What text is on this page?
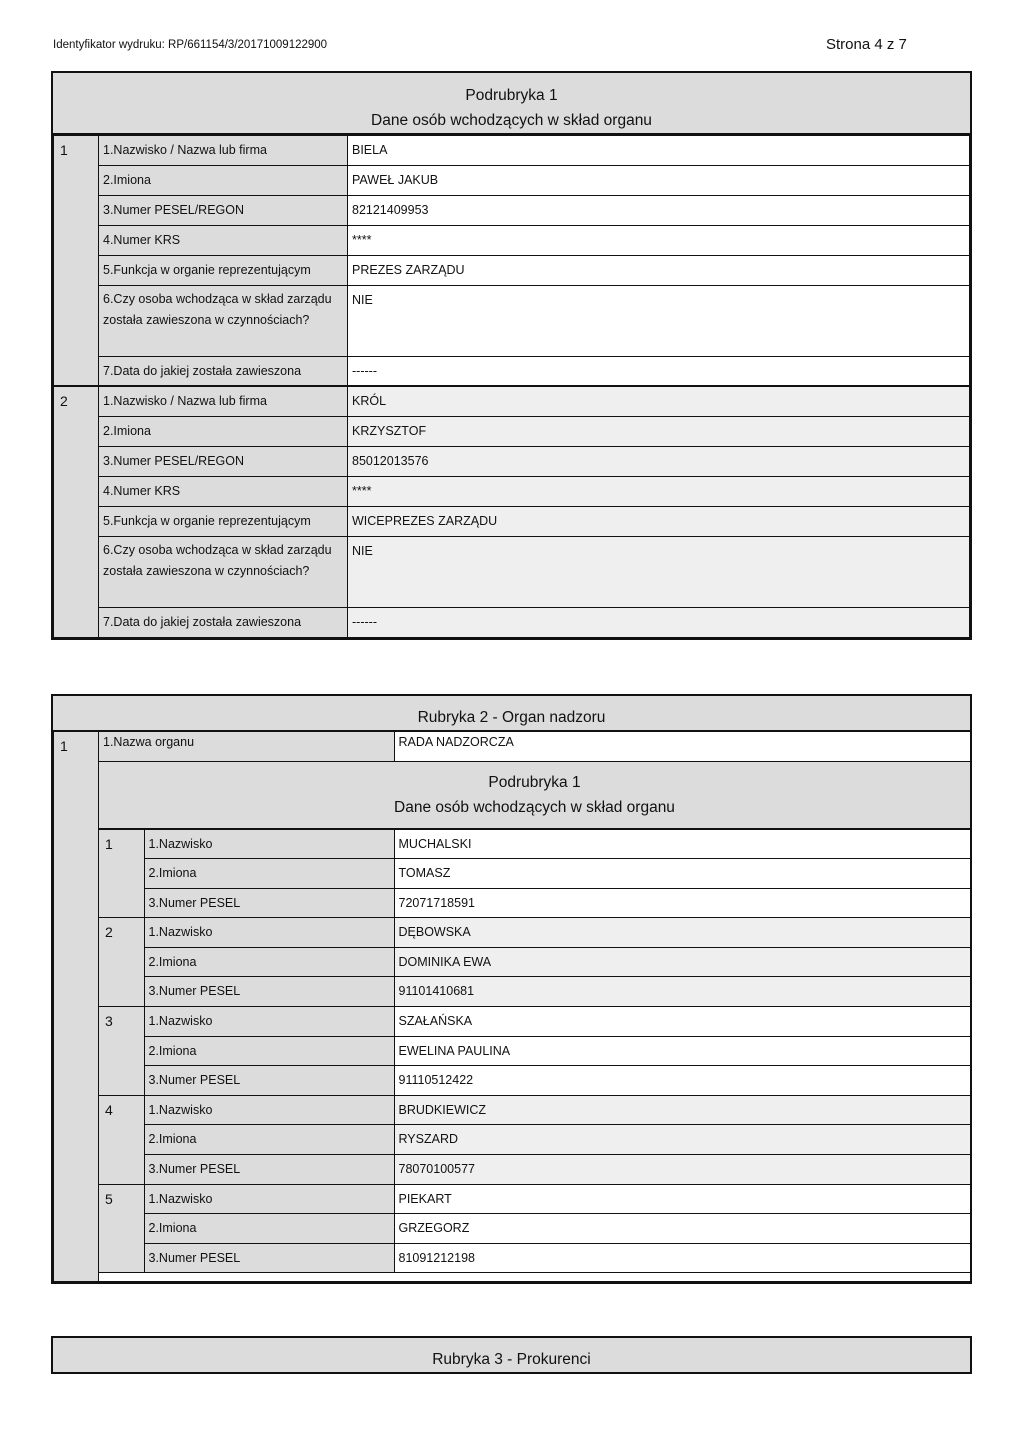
Identyfikator wydruku: RP/661154/3/20171009122900	Strona 4 z 7
Podrubryka 1
Dane osób wchodzących w skład organu
1	1.Nazwisko / Nazwa lub firma	BIELA
	2.Imiona	PAWEŁ JAKUB
	3.Numer PESEL/REGON	82121409953
	4.Numer KRS	****
	5.Funkcja w organie reprezentującym	PREZES ZARZĄDU
	6.Czy osoba wchodząca w skład zarządu została zawieszona w czynnościach?	NIE
	7.Data do jakiej została zawieszona	------
2	1.Nazwisko / Nazwa lub firma	KRÓL
	2.Imiona	KRZYSZTOF
	3.Numer PESEL/REGON	85012013576
	4.Numer KRS	****
	5.Funkcja w organie reprezentującym	WICEPREZES ZARZĄDU
	6.Czy osoba wchodząca w skład zarządu została zawieszona w czynnościach?	NIE
	7.Data do jakiej została zawieszona	------
Rubryka 2 - Organ nadzoru
1		1.Nazwa organu	RADA NADZORCZA
Podrubryka 1
Dane osób wchodzących w skład organu
1	1.Nazwisko	MUCHALSKI
2.Imiona	TOMASZ
3.Numer PESEL	72071718591
2	1.Nazwisko	DĘBOWSKA
2.Imiona	DOMINIKA EWA
3.Numer PESEL	91101410681
3	1.Nazwisko	SZAŁAŃSKA
2.Imiona	EWELINA PAULINA
3.Numer PESEL	91110512422
4	1.Nazwisko	BRUDKIEWICZ
2.Imiona	RYSZARD
3.Numer PESEL	78070100577
5	1.Nazwisko	PIEKART
2.Imiona	GRZEGORZ
3.Numer PESEL	81091212198

Rubryka 3 - Prokurenci
